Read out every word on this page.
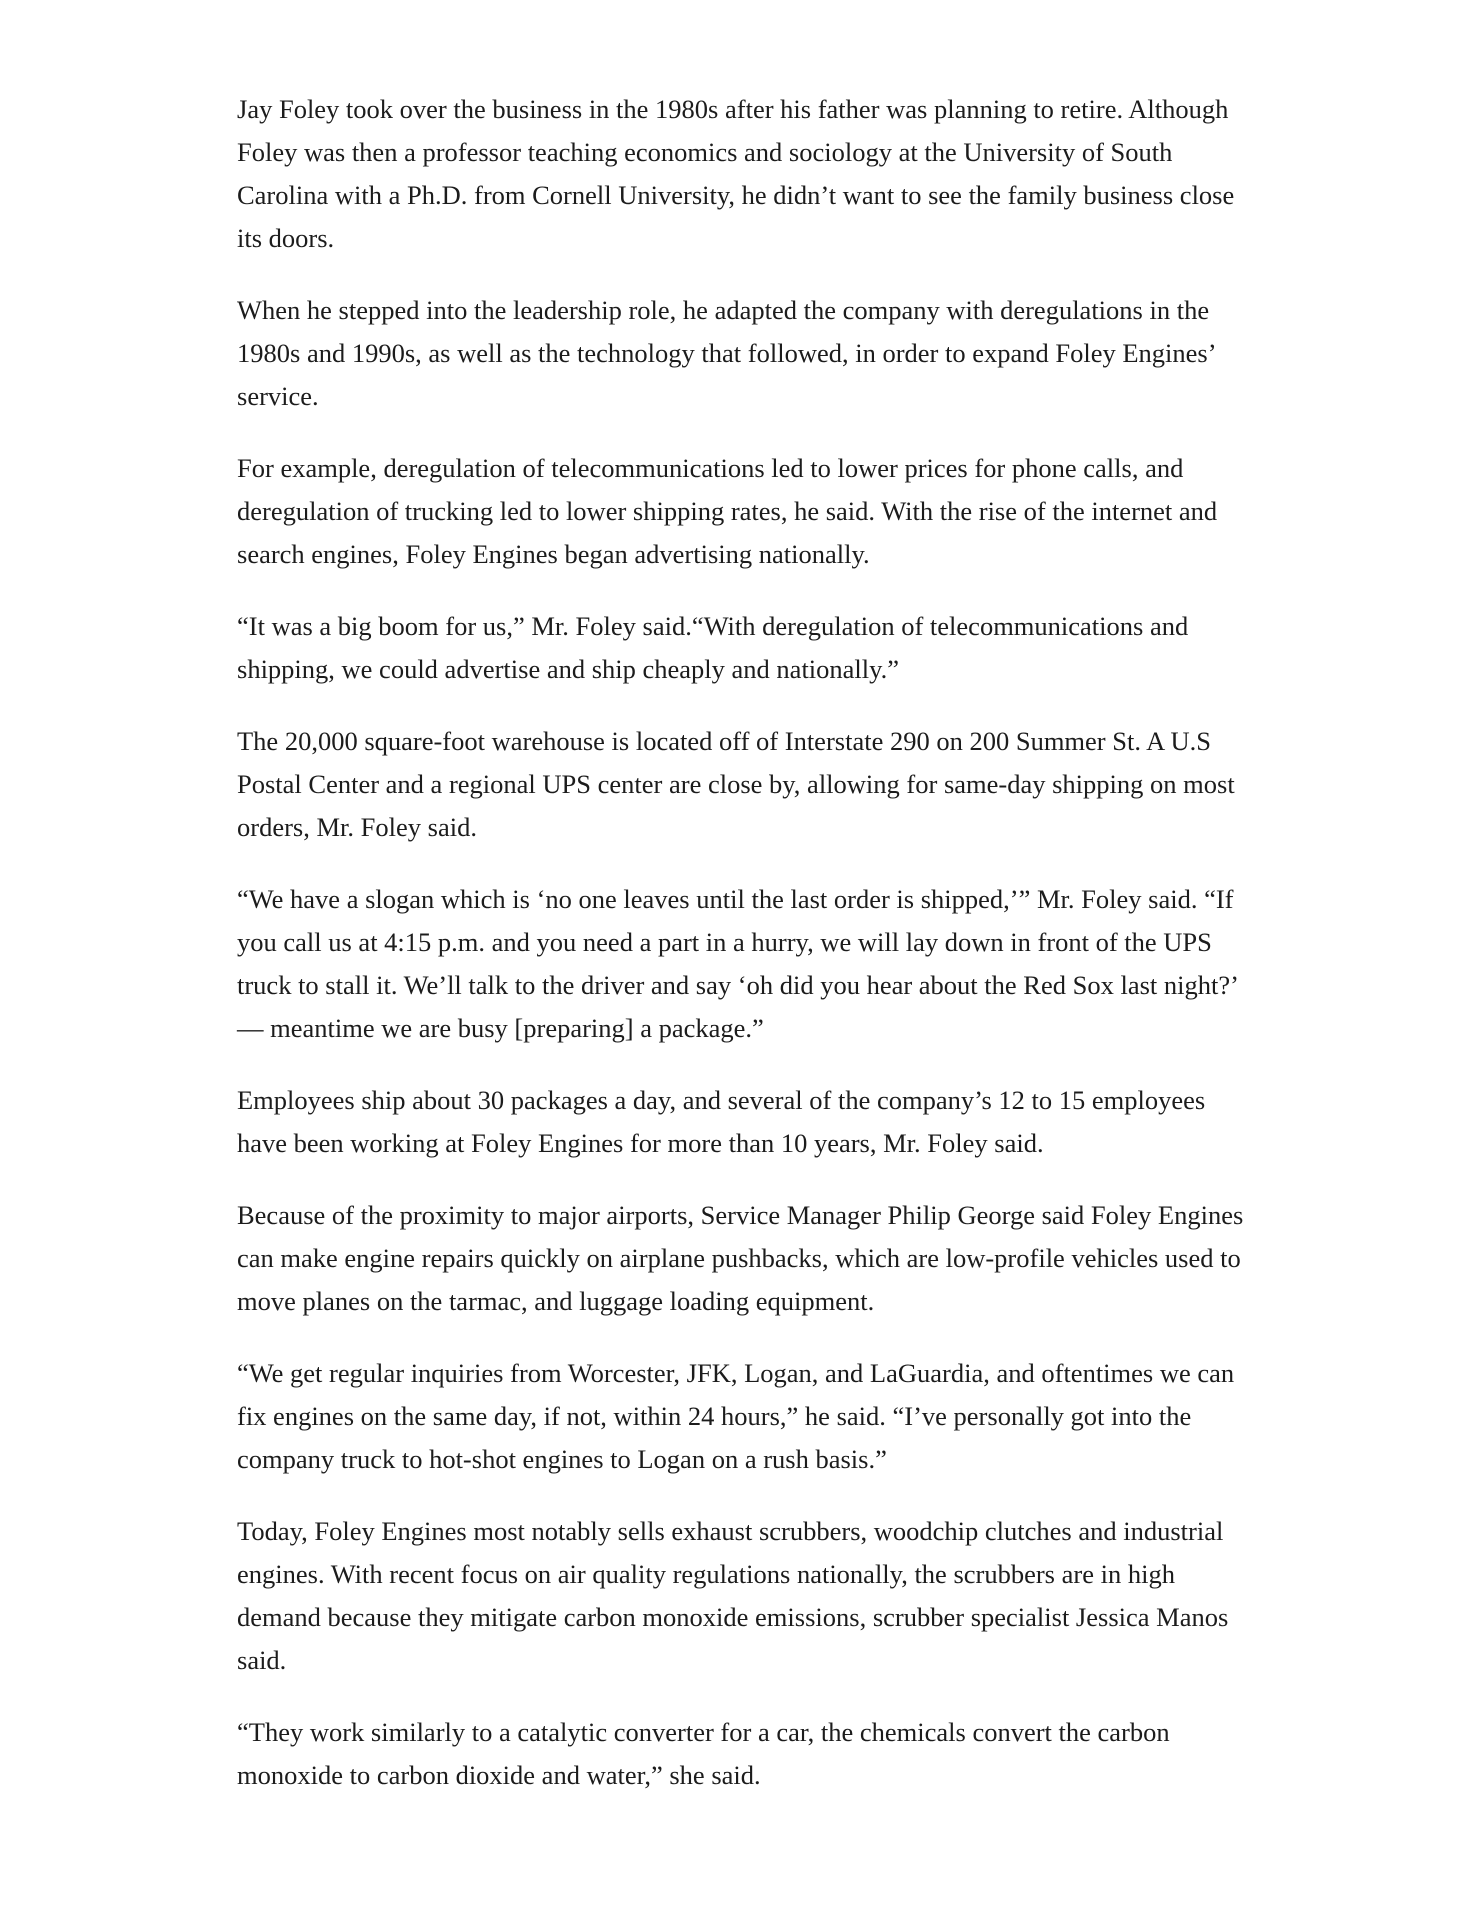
Jay Foley took over the business in the 1980s after his father was planning to retire. Although Foley was then a professor teaching economics and sociology at the University of South Carolina with a Ph.D. from Cornell University, he didn’t want to see the family business close its doors.

When he stepped into the leadership role, he adapted the company with deregulations in the 1980s and 1990s, as well as the technology that followed, in order to expand Foley Engines’ service.

For example, deregulation of telecommunications led to lower prices for phone calls, and deregulation of trucking led to lower shipping rates, he said. With the rise of the internet and search engines, Foley Engines began advertising nationally.

“It was a big boom for us,” Mr. Foley said.“With deregulation of telecommunications and shipping, we could advertise and ship cheaply and nationally.”

The 20,000 square-foot warehouse is located off of Interstate 290 on 200 Summer St. A U.S Postal Center and a regional UPS center are close by, allowing for same-day shipping on most orders, Mr. Foley said.

“We have a slogan which is ‘no one leaves until the last order is shipped,’” Mr. Foley said. “If you call us at 4:15 p.m. and you need a part in a hurry, we will lay down in front of the UPS truck to stall it. We’ll talk to the driver and say ‘oh did you hear about the Red Sox last night?’ — meantime we are busy [preparing] a package.”

Employees ship about 30 packages a day, and several of the company’s 12 to 15 employees have been working at Foley Engines for more than 10 years, Mr. Foley said.

Because of the proximity to major airports, Service Manager Philip George said Foley Engines can make engine repairs quickly on airplane pushbacks, which are low-profile vehicles used to move planes on the tarmac, and luggage loading equipment.

“We get regular inquiries from Worcester, JFK, Logan, and LaGuardia, and oftentimes we can fix engines on the same day, if not, within 24 hours,” he said. “I’ve personally got into the company truck to hot-shot engines to Logan on a rush basis.”

Today, Foley Engines most notably sells exhaust scrubbers, woodchip clutches and industrial engines. With recent focus on air quality regulations nationally, the scrubbers are in high demand because they mitigate carbon monoxide emissions, scrubber specialist Jessica Manos said.

“They work similarly to a catalytic converter for a car, the chemicals convert the carbon monoxide to carbon dioxide and water,” she said.
